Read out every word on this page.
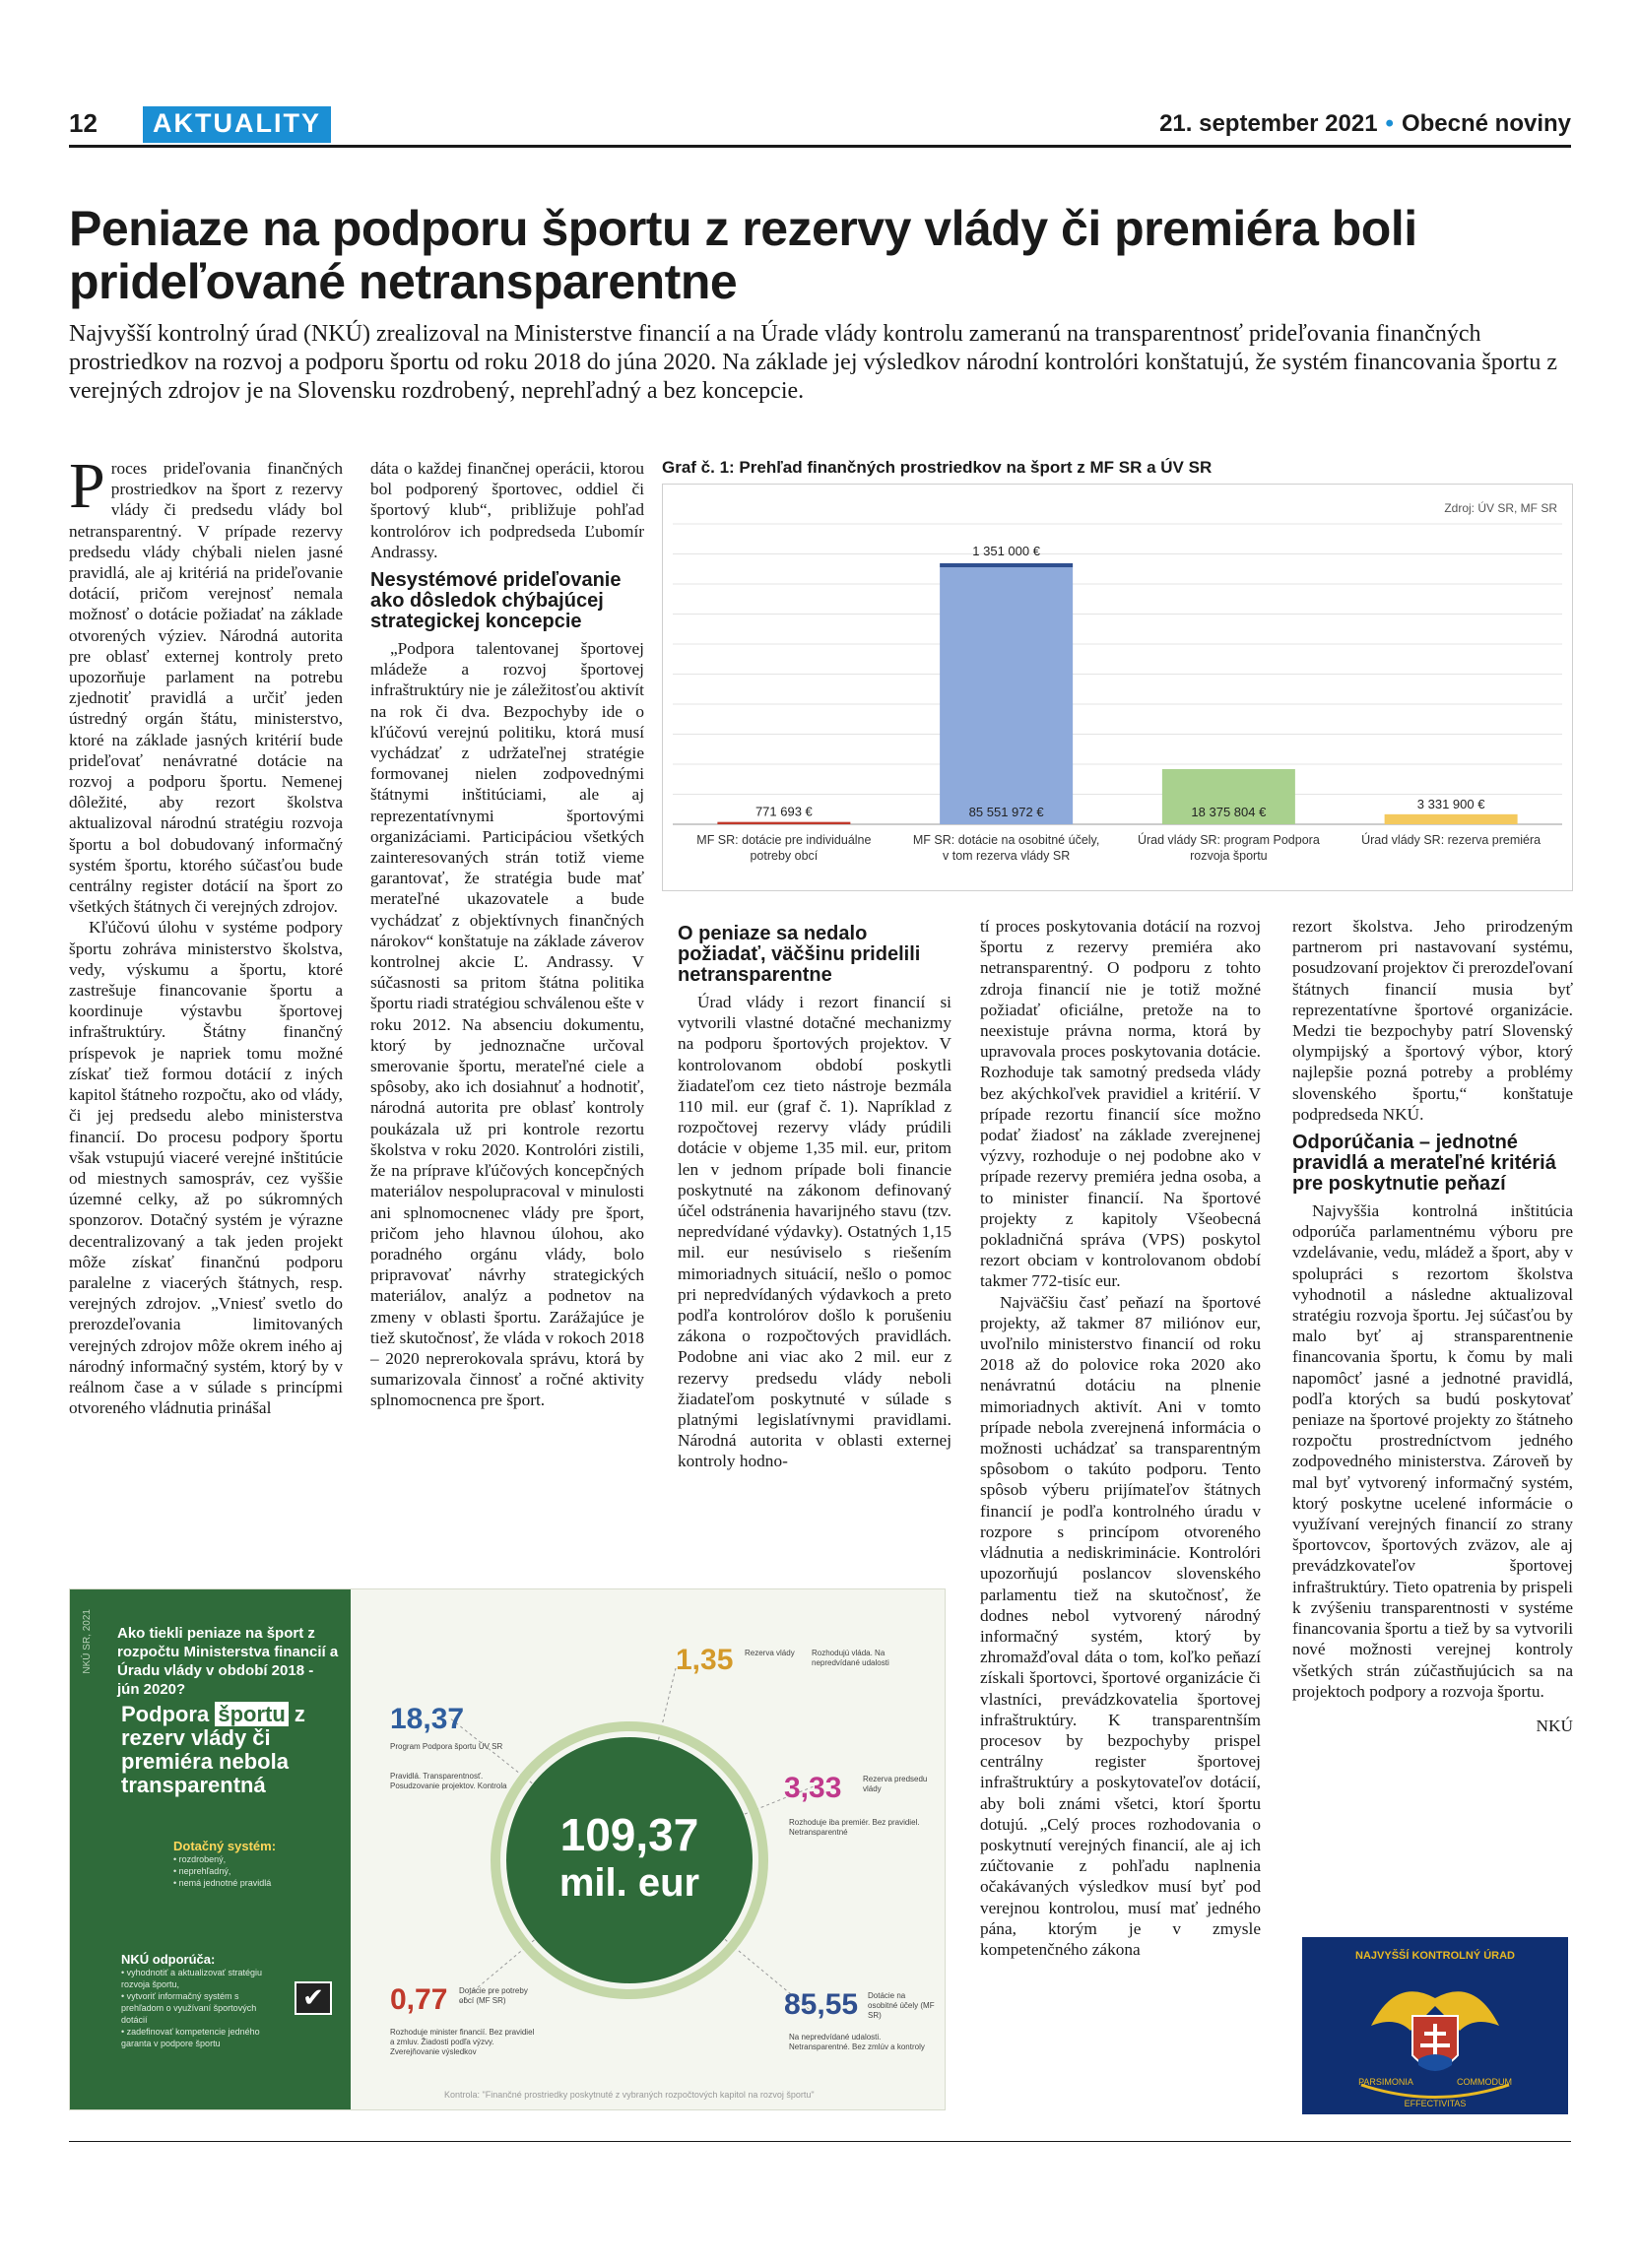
12	AKTUALITY	21. september 2021 • Obecné noviny
Peniaze na podporu športu z rezervy vlády či premiéra boli prideľované netransparentne

Najvyšší kontrolný úrad (NKÚ) zrealizoval na Ministerstve financií a na Úrade vlády kontrolu zameranú na transparentnosť prideľovania finančných prostriedkov na rozvoj a podporu športu od roku 2018 do júna 2020. Na základe jej výsledkov národní kontrolóri konštatujú, že systém financovania športu z verejných zdrojov je na Slovensku rozdrobený, neprehľadný a bez koncepcie.

Proces prideľovania finančných prostriedkov na šport z rezervy vlády či predsedu vlády bol netransparentný. V prípade rezervy predsedu vlády chýbali nielen jasné pravidlá, ale aj kritériá na prideľovanie dotácií, pričom verejnosť nemala možnosť o dotácie požiadať na základe otvorených výziev. Národná autorita pre oblasť externej kontroly preto upozorňuje parlament na potrebu zjednotiť pravidlá a určiť jeden ústredný orgán štátu, ministerstvo, ktoré na základe jasných kritérií bude prideľovať nenávratné dotácie na rozvoj a podporu športu. Nemenej dôležité, aby rezort školstva aktualizoval národnú stratégiu rozvoja športu a bol dobudovaný informačný systém športu, ktorého súčasťou bude centrálny register dotácií na šport zo všetkých štátnych či verejných zdrojov.

Kľúčovú úlohu v systéme podpory športu zohráva ministerstvo školstva, vedy, výskumu a športu, ktoré zastrešuje financovanie športu a koordinuje výstavbu športovej infraštruktúry. Štátny finančný príspevok je napriek tomu možné získať tiež formou dotácií z iných kapitol štátneho rozpočtu, ako od vlády, či jej predsedu alebo ministerstva financií. Do procesu podpory športu však vstupujú viaceré verejné inštitúcie od miestnych samospráv, cez vyššie územné celky, až po súkromných sponzorov. Dotačný systém je výrazne decentralizovaný a tak jeden projekt môže získať finančnú podporu paralelne z viacerých štátnych, resp. verejných zdrojov. „Vniesť svetlo do prerozdeľovania limitovaných verejných zdrojov môže okrem iného aj národný informačný systém, ktorý by v reálnom čase a v súlade s princípmi otvoreného vládnutia prinášal

dáta o každej finančnej operácii, ktorou bol podporený športovec, oddiel či športový klub“, približuje pohľad kontrolórov ich podpredseda Ľubomír Andrassy.

Nesystémové prideľovanie ako dôsledok chýbajúcej strategickej koncepcie

„Podpora talentovanej športovej mládeže a rozvoj športovej infraštruktúry nie je záležitosťou aktivít na rok či dva. Bezpochyby ide o kľúčovú verejnú politiku, ktorá musí vychádzať z udržateľnej stratégie formovanej nielen zodpovednými štátnymi inštitúciami, ale aj reprezentatívnymi športovými organizáciami. Participáciou všetkých zainteresovaných strán totiž vieme garantovať, že stratégia bude mať merateľné ukazovatele a bude vychádzať z objektívnych finančných nárokov“ konštatuje na základe záverov kontrolnej akcie Ľ. Andrassy. V súčasnosti sa pritom štátna politika športu riadi stratégiou schválenou ešte v roku 2012. Na absenciu dokumentu, ktorý by jednoznačne určoval smerovanie športu, merateľné ciele a spôsoby, ako ich dosiahnuť a hodnotiť, národná autorita pre oblasť kontroly poukázala už pri kontrole rezortu školstva v roku 2020. Kontrolóri zistili, že na príprave kľúčových koncepčných materiálov nespolupracoval v minulosti ani splnomocnenec vlády pre šport, pričom jeho hlavnou úlohou, ako poradného orgánu vlády, bolo pripravovať návrhy strategických materiálov, analýz a podnetov na zmeny v oblasti športu. Zarážajúce je tiež skutočnosť, že vláda v rokoch 2018 – 2020 neprerokovala správu, ktorá by sumarizovala činnosť a ročné aktivity splnomocnenca pre šport.

Graf č. 1: Prehľad finančných prostriedkov na šport z MF SR a ÚV SR
Zdroj: ÚV SR, MF SR
771 693 €
MF SR: dotácie pre individuálne
potreby obcí
1 351 000 €
85 551 972 €
MF SR: dotácie na osobitné účely,
v tom rezerva vlády SR
18 375 804 €
Úrad vlády SR: program Podpora
rozvoja športu
3 331 900 €
Úrad vlády SR: rezerva premiéra
O peniaze sa nedalo požiadať, väčšinu pridelili netransparentne

Úrad vlády i rezort financií si vytvorili vlastné dotačné mechanizmy na podporu športových projektov. V kontrolovanom období poskytli žiadateľom cez tieto nástroje bezmála 110 mil. eur (graf č. 1). Napríklad z rozpočtovej rezervy vlády prúdili dotácie v objeme 1,35 mil. eur, pritom len v jednom prípade boli financie poskytnuté na zákonom definovaný účel odstránenia havarijného stavu (tzv. nepredvídané výdavky). Ostatných 1,15 mil. eur nesúviselo s riešením mimoriadnych situácií, nešlo o pomoc pri nepredvídaných výdavkoch a preto podľa kontrolórov došlo k porušeniu zákona o rozpočtových pravidlách. Podobne ani viac ako 2 mil. eur z rezervy predsedu vlády neboli žiadateľom poskytnuté v súlade s platnými legislatívnymi pravidlami. Národná autorita v oblasti externej kontroly hodno-

tí proces poskytovania dotácií na rozvoj športu z rezervy premiéra ako netransparentný. O podporu z tohto zdroja financií nie je totiž možné požiadať oficiálne, pretože na to neexistuje právna norma, ktorá by upravovala proces poskytovania dotácie. Rozhoduje tak samotný predseda vlády bez akýchkoľvek pravidiel a kritérií. V prípade rezortu financií síce možno podať žiadosť na základe zverejnenej výzvy, rozhoduje o nej podobne ako v prípade rezervy premiéra jedna osoba, a to minister financií. Na športové projekty z kapitoly Všeobecná pokladničná správa (VPS) poskytol rezort obciam v kontrolovanom období takmer 772-tisíc eur.

Najväčšiu časť peňazí na športové projekty, až takmer 87 miliónov eur, uvoľnilo ministerstvo financií od roku 2018 až do polovice roka 2020 ako nenávratnú dotáciu na plnenie mimoriadnych aktivít. Ani v tomto prípade nebola zverejnená informácia o možnosti uchádzať sa transparentným spôsobom o takúto podporu. Tento spôsob výberu prijímateľov štátnych financií je podľa kontrolného úradu v rozpore s princípom otvoreného vládnutia a nediskriminácie. Kontrolóri upozorňujú poslancov slovenského parlamentu tiež na skutočnosť, že dodnes nebol vytvorený národný informačný systém, ktorý by zhromažďoval dáta o tom, koľko peňazí získali športovci, športové organizácie či vlastníci, prevádzkovatelia športovej infraštruktúry. K transparentnším procesov by bezpochyby prispel centrálny register športovej infraštruktúry a poskytovateľov dotácií, aby boli známi všetci, ktorí športu dotujú. „Celý proces rozhodovania o poskytnutí verejných financií, ale aj ich zúčtovanie z pohľadu naplnenia očakávaných výsledkov musí byť pod verejnou kontrolou, musí mať jedného pána, ktorým je v zmysle kompetenčného zákona

rezort školstva. Jeho prirodzeným partnerom pri nastavovaní systému, posudzovaní projektov či prerozdeľovaní štátnych financií musia byť reprezentatívne športové organizácie. Medzi tie bezpochyby patrí Slovenský olympijský a športový výbor, ktorý najlepšie pozná potreby a problémy slovenského športu,“ konštatuje podpredseda NKÚ.

Odporúčania – jednotné pravidlá a merateľné kritériá pre poskytnutie peňazí

Najvyššia kontrolná inštitúcia odporúča parlamentnému výboru pre vzdelávanie, vedu, mládež a šport, aby v spolupráci s rezortom školstva vyhodnotil a následne aktualizoval stratégiu rozvoja športu. Jej súčasťou by malo byť aj stransparentnenie financovania športu, k čomu by mali napomôcť jasné a jednotné pravidlá, podľa ktorých sa budú poskytovať peniaze na športové projekty zo štátneho rozpočtu prostredníctvom jedného zodpovedného ministerstva. Zároveň by mal byť vytvorený informačný systém, ktorý poskytne ucelené informácie o využívaní verejných financií zo strany športovcov, športových zväzov, ale aj prevádzkovateľov športovej infraštruktúry. Tieto opatrenia by prispeli k zvýšeniu transparentnosti v systéme financovania športu a tiež by sa vytvorili nové možnosti verejnej kontroly všetkých strán zúčastňujúcich sa na projektoch podpory a rozvoja športu.

NKÚ

NKÚ SR, 2021 Ako tiekli peniaze na šport z rozpočtu Ministerstva financií a Úradu vlády v období 2018 - jún 2020?
Podpora športu z rezerv vlády či premiéra nebola transparentná
Dotačný systém:
• rozdrobený,
• neprehľadný,
• nemá jednotné pravidlá
NKÚ odporúča:
• vyhodnotiť a aktualizovať stratégiu rozvoja športu,
• vytvoriť informačný systém s prehľadom o využívaní športových dotácií
• zadefinovať kompetencie jedného garanta v podpore športu
✔
109,37
mil. eur
1,35 Rezerva vlády	Rozhodujú vláda. Na nepredvídané udalosti
18,37
Program Podpora športu ÚV SR
Pravidlá. Transparentnosť. Posudzovanie projektov. Kontrola	3,33	Rezerva predsedu vlády
Rozhoduje iba premiér. Bez pravidiel. Netransparentné
0,77 Dotácie pre potreby obcí (MF SR)
Rozhoduje minister financií. Bez pravidiel a zmluv. Žiadosti podľa výzvy. Zverejňovanie výsledkov
85,55 Dotácie na osobitné účely (MF SR)
Na nepredvídané udalosti. Netransparentné. Bez zmlúv a kontroly
Kontrola: "Finančné prostriedky poskytnuté z vybraných rozpočtových kapitol na rozvoj športu"
NAJVYŠŠÍ KONTROLNÝ ÚRAD
PARSIMONIA	COMMODUM
EFFECTIVITAS
